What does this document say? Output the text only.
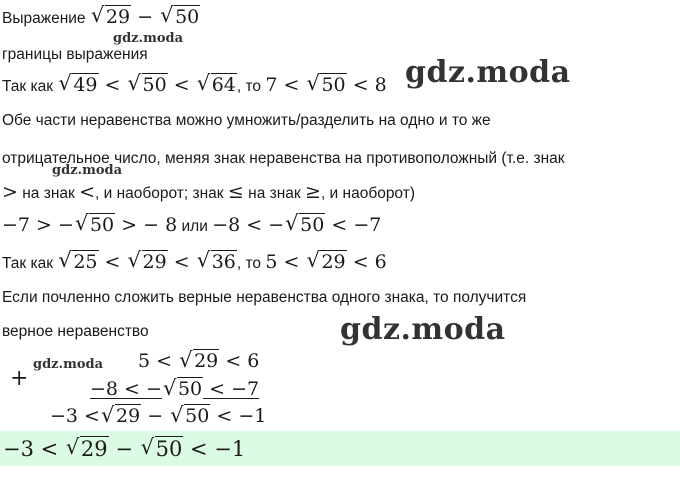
Выражение √ 29 − √ 50
gdz.moda
границы выражения
Так как √ 49 < √ 50 < √ 64, то 7 < √ 50 < 8 gdz.moda
Обе части неравенства можно умножить/разделить на одно и то же
отрицательное число, меняя знак неравенства на противоположный (т.е. знак
gdz.moda
> на знак <, и наоборот; знак ≤ на знак ≥, и наоборот)
−7 > − √ 50 > − 8 или −8 < − √ 50 < −7
Так как √ 25 < √ 29 < √ 36, то 5 < √ 29 < 6
Если почленно сложить верные неравенства одного знака, то получится
верное неравенство	gdz.moda
+
gdz.moda 5 < √ 29 < 6
−8 < − √ 50 < −7
−3 < √ 29 − √ 50 < −1
−3 < √ 29 − √ 50 < −1
